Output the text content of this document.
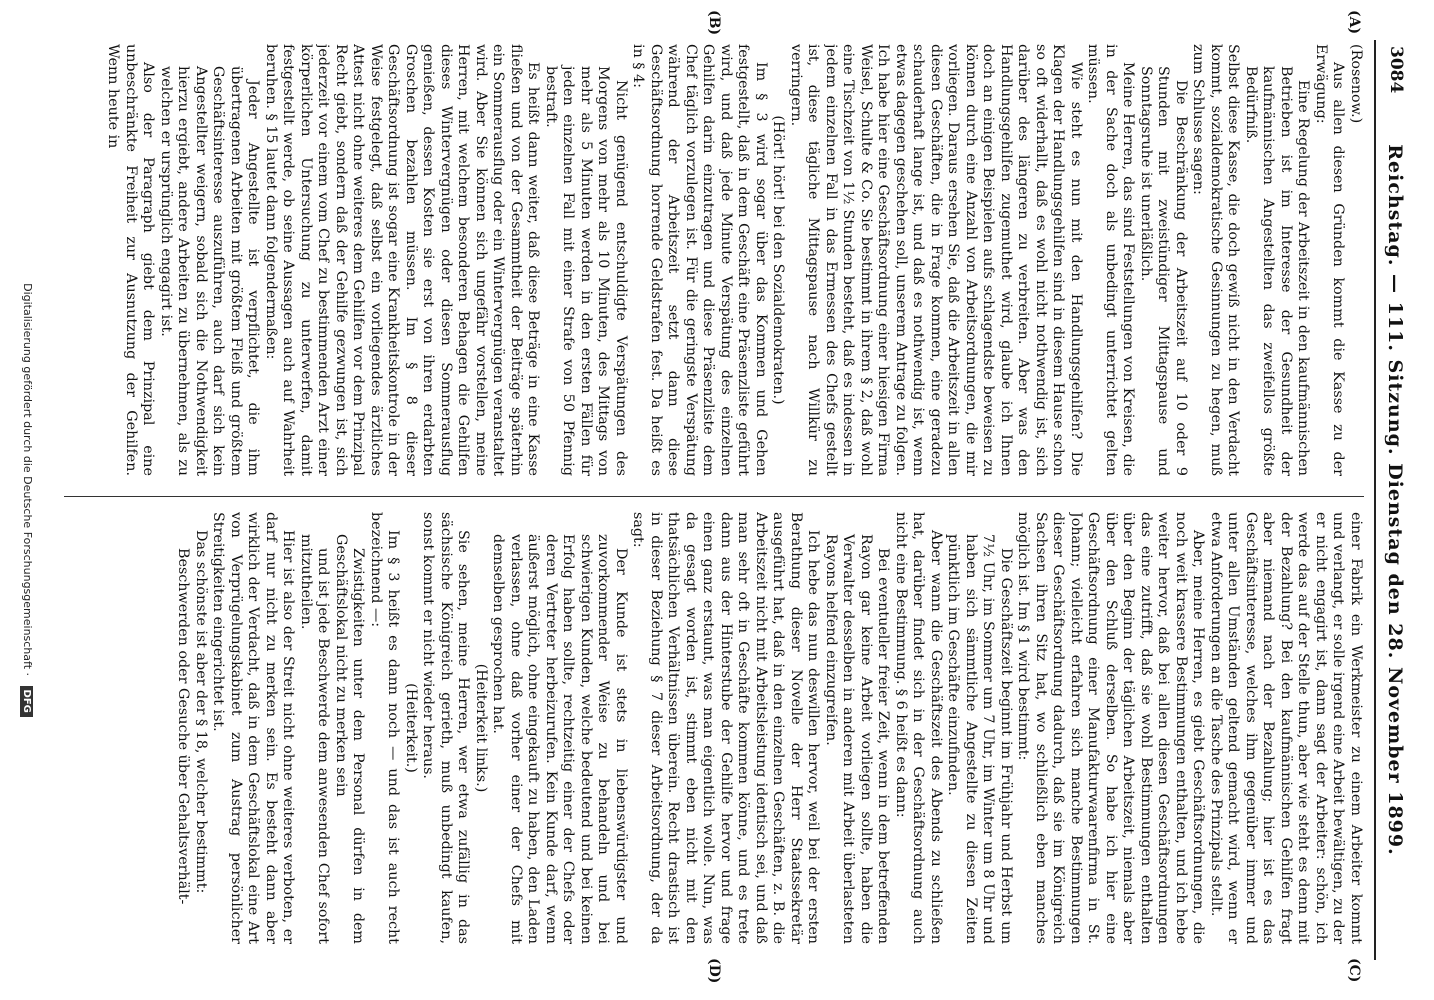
3084
Reichstag. — 111. Sitzung. Dienstag den 28. November 1899.
(A)
(B)
(C)
(D)

(Rosenow.)

Aus allen diesen Gründen kommt die Kasse zu der Erwägung:

Eine Regelung der Arbeitszeit in den kaufmännischen Betrieben ist im Interesse der Gesundheit der kaufmännischen Angestellten das zweifellos größte Bedürfniß.

Selbst diese Kasse, die doch gewiß nicht in den Verdacht kommt, sozialdemokratische Gesinnungen zu hegen, muß zum Schlusse sagen:

Die Beschränkung der Arbeitszeit auf 10 oder 9 Stunden mit zweistündiger Mittagspause und Sonntagsruhe ist unerläßlich.

Meine Herren, das sind Feststellungen von Kreisen, die in der Sache doch als unbedingt unterrichtet gelten müssen.

Wie steht es nun mit den Handlungsgehilfen? Die Klagen der Handlungsgehilfen sind in diesem Hause schon so oft widerhallt, daß es wohl nicht nothwendig ist, sich darüber des längeren zu verbreiten. Aber was den Handlungsgehilfen zugemuthet wird, glaube ich Ihnen doch an einigen Beispielen aufs schlagendste beweisen zu können durch eine Anzahl von Arbeitsordnungen, die mir vorliegen. Daraus ersehen Sie, daß die Arbeitszeit in allen diesen Geschäften, die in Frage kommen, eine geradezu schauderhaft lange ist, und daß es nothwendig ist, wenn etwas dagegen geschehen soll, unserem Antrage zu folgen. Ich habe hier eine Geschäftsordnung einer hiesigen Firma Weisel, Schulte & Co. Sie bestimmt in ihrem § 2, daß wohl eine Tischzeit von 1½ Stunden besteht, daß es indessen in jedem einzelnen Fall in das Ermessen des Chefs gestellt ist, diese tägliche Mittagspause nach Willkür zu verringern.

(Hört! hört! bei den Sozialdemokraten.)

Im § 3 wird sogar über das Kommen und Gehen festgestellt, daß in dem Geschäft eine Präsenzliste geführt wird, und daß jede Minute Verspätung des einzelnen Gehilfen darin einzutragen und diese Präsenzliste dem Chef täglich vorzulegen ist. Für die geringste Verspätung während der Arbeitszeit setzt dann diese Geschäftsordnung horrende Geldstrafen fest. Da heißt es in § 4:

Nicht genügend entschuldigte Verspätungen des Morgens von mehr als 10 Minuten, des Mittags von mehr als 5 Minuten werden in den ersten Fällen für jeden einzelnen Fall mit einer Strafe von 50 Pfennig bestraft.

Es heißt dann weiter, daß diese Beträge in eine Kasse fließen und von der Gesammtheit der Beiträge späterhin ein Sommerausflug oder ein Wintervergnügen veranstaltet wird. Aber Sie können sich ungefähr vorstellen, meine Herren, mit welchem besonderen Behagen die Gehilfen dieses Wintervergnügen oder diesen Sommerausflug genießen, dessen Kosten sie erst von ihren erdarbten Groschen bezahlen müssen. Im § 8 dieser Geschäftsordnung ist sogar eine Krankheitskontrole in der Weise festgelegt, daß selbst ein vorliegendes ärztliches Attest nicht ohne weiteres dem Gehilfen vor dem Prinzipal Recht giebt, sondern daß der Gehilfe gezwungen ist, sich jederzeit vor einem vom Chef zu bestimmenden Arzt einer körperlichen Untersuchung zu unterwerfen, damit festgestellt werde, ob seine Aussagen auch auf Wahrheit beruhen. § 15 lautet dann folgendermaßen:

Jeder Angestellte ist verpflichtet, die ihm übertragenen Arbeiten mit größtem Fleiß und größtem Geschäftsinteresse auszuführen, auch darf sich kein Angestellter weigern, sobald sich die Nothwendigkeit hierzu ergiebt, andere Arbeiten zu übernehmen, als zu welchen er ursprünglich engagirt ist.

Also der Paragraph giebt dem Prinzipal eine unbeschränkte Freiheit zur Ausnutzung der Gehilfen. Wenn heute in

einer Fabrik ein Werkmeister zu einem Arbeiter kommt und verlangt, er solle irgend eine Arbeit bewältigen, zu der er nicht engagirt ist, dann sagt der Arbeiter: schön, ich werde das auf der Stelle thun, aber wie steht es denn mit der Bezahlung? Bei den kaufmännischen Gehilfen fragt aber niemand nach der Bezahlung; hier ist es das Geschäftsinteresse, welches ihm gegenüber immer und unter allen Umständen geltend gemacht wird, wenn er etwa Anforderungen an die Tasche des Prinzipals stellt.

Aber, meine Herren, es giebt Geschäftsordnungen, die noch weit krassere Bestimmungen enthalten, und ich hebe weiter hervor, daß bei allen diesen Geschäftsordnungen das eine zutrifft, daß sie wohl Bestimmungen enthalten über den Beginn der täglichen Arbeitszeit, niemals aber über den Schluß derselben. So habe ich hier eine Geschäftsordnung einer Manufakturwaarenfirma in St. Johann; vielleicht erfahren sich manche Bestimmungen dieser Geschäftsordnung dadurch, daß sie im Königreich Sachsen ihren Sitz hat, wo schließlich eben manches möglich ist. Im § 1 wird bestimmt:

Die Geschäftszeit beginnt im Frühjahr und Herbst um 7½ Uhr, im Sommer um 7 Uhr, im Winter um 8 Uhr und haben sich sämmtliche Angestellte zu diesen Zeiten pünktlich im Geschäfte einzufinden.

Aber wann die Geschäftszeit des Abends zu schließen hat, darüber findet sich in der Geschäftsordnung auch nicht eine Bestimmung. § 6 heißt es dann:

Bei eventueller freier Zeit, wenn in dem betreffenden Rayon gar keine Arbeit vorliegen sollte, haben die Verwalter desselben in anderen mit Arbeit überlasteten Rayons helfend einzugreifen.

Ich hebe das nun deswillen hervor, weil bei der ersten Berathung dieser Novelle der Herr Staatssekretär ausgeführt hat, daß in den einzelnen Geschäften, z. B. die Arbeitszeit nicht mit Arbeitsleistung identisch sei, und daß man sehr oft in Geschäfte kommen könne, und es trete dann aus der Hinterstube der Gehilfe hervor und frage einen ganz erstaunt, was man eigentlich wolle. Nun, was da gesagt worden ist, stimmt eben nicht mit den thatsächlichen Verhältnissen überein. Recht drastisch ist in dieser Beziehung § 7 dieser Arbeitsordnung, der da sagt:

Der Kunde ist stets in liebenswürdigster und zuvorkommender Weise zu behandeln und bei schwierigen Kunden, welche bedeutend und bei keinen Erfolg haben sollte, rechtzeitig einer der Chefs oder deren Vertreter herbeizurufen. Kein Kunde darf, wenn äußerst möglich, ohne eingekauft zu haben, den Laden verlassen, ohne daß vorher einer der Chefs mit demselben gesprochen hat.

(Heiterkeit links.)

Sie sehen, meine Herren, wer etwa zufällig in das sächsische Königreich gerieth, muß unbedingt kaufen, sonst kommt er nicht wieder heraus.

(Heiterkeit.)

Im § 3 heißt es dann noch — und das ist auch recht bezeichnend —:

Zwistigkeiten unter dem Personal dürfen in dem Geschäftslokal nicht zu merken sein

und ist jede Beschwerde dem anwesenden Chef sofort mitzutheilen.

Hier ist also der Streit nicht ohne weiteres verboten, er darf nur nicht zu merken sein. Es besteht dann aber wirklich der Verdacht, daß in dem Geschäftslokal eine Art von Verprügelungskabinet zum Austrag persönlicher Streitigkeiten eingerichtet ist.

Das schönste ist aber der § 18, welcher bestimmt:

Beschwerden oder Gesuche über Gehaltsverhält-

Digitalisierung gefördert durch die Deutsche Forschungsgemeinschaft · DFG
